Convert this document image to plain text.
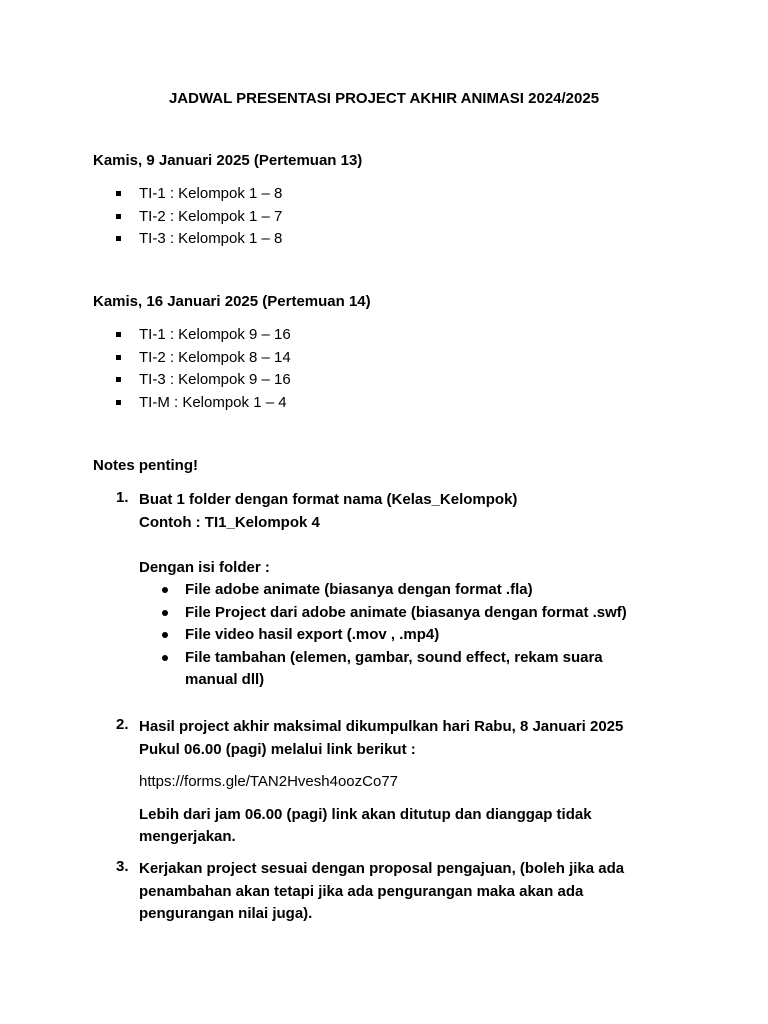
JADWAL PRESENTASI PROJECT AKHIR ANIMASI 2024/2025
Kamis, 9 Januari 2025 (Pertemuan 13)
TI-1 : Kelompok 1 – 8
TI-2 : Kelompok 1 – 7
TI-3 : Kelompok 1 – 8
Kamis, 16 Januari 2025 (Pertemuan 14)
TI-1 : Kelompok 9 – 16
TI-2 : Kelompok 8 – 14
TI-3 : Kelompok 9 – 16
TI-M : Kelompok 1 – 4
Notes penting!
1. Buat 1 folder dengan format nama (Kelas_Kelompok)
Contoh : TI1_Kelompok 4
Dengan isi folder :
File adobe animate (biasanya dengan format .fla)
File Project dari adobe animate (biasanya dengan format .swf)
File video hasil export (.mov , .mp4)
File tambahan (elemen, gambar, sound effect, rekam suara manual dll)
2. Hasil project akhir maksimal dikumpulkan hari Rabu, 8 Januari 2025
Pukul 06.00 (pagi) melalui link berikut :
https://forms.gle/TAN2Hvesh4oozCo77
Lebih dari jam 06.00 (pagi) link akan ditutup dan dianggap tidak
mengerjakan.
3. Kerjakan project sesuai dengan proposal pengajuan, (boleh jika ada
penambahan akan tetapi jika ada pengurangan maka akan ada
pengurangan nilai juga).
